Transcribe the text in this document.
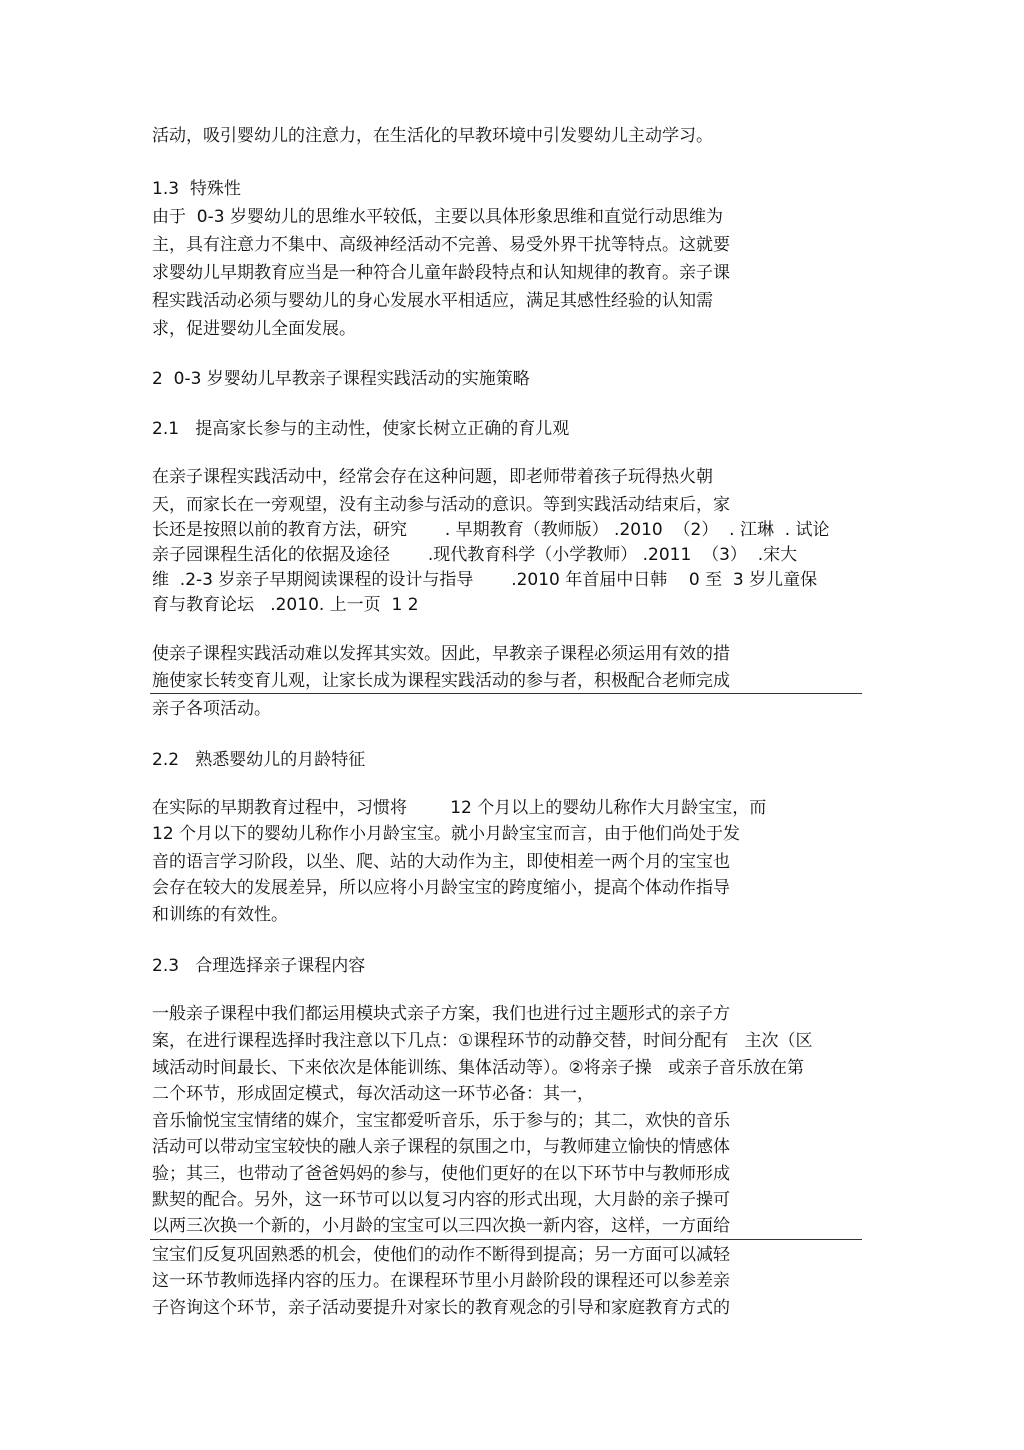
活动，吸引婴幼儿的注意力，在生活化的早教环境中引发婴幼儿主动学习。
1.3  特殊性
由于  0-3 岁婴幼儿的思维水平较低，主要以具体形象思维和直觉行动思维为
主，具有注意力不集中、高级神经活动不完善、易受外界干扰等特点。这就要
求婴幼儿早期教育应当是一种符合儿童年龄段特点和认知规律的教育。亲子课
程实践活动必须与婴幼儿的身心发展水平相适应，满足其感性经验的认知需
求，促进婴幼儿全面发展。
2  0-3 岁婴幼儿早教亲子课程实践活动的实施策略
2.1   提高家长参与的主动性，使家长树立正确的育儿观
在亲子课程实践活动中，经常会存在这种问题，即老师带着孩子玩得热火朝
天，而家长在一旁观望，没有主动参与活动的意识。等到实践活动结束后，家
长还是按照以前的教育方法，研究       . 早期教育（教师版） .2010  （2）  . 江琳  . 试论
亲子园课程生活化的依据及途径       .现代教育科学（小学教师） .2011  （3）  .宋大
维  .2-3 岁亲子早期阅读课程的设计与指导       .2010 年首届中日韩    0 至  3 岁儿童保
育与教育论坛   .2010. 上一页  1 2
使亲子课程实践活动难以发挥其实效。因此，早教亲子课程必须运用有效的措
施使家长转变育儿观，让家长成为课程实践活动的参与者，积极配合老师完成
亲子各项活动。
2.2   熟悉婴幼儿的月龄特征
在实际的早期教育过程中，习惯将        12 个月以上的婴幼儿称作大月龄宝宝，而
12 个月以下的婴幼儿称作小月龄宝宝。就小月龄宝宝而言，由于他们尚处于发
音的语言学习阶段，以坐、爬、站的大动作为主，即使相差一两个月的宝宝也
会存在较大的发展差异，所以应将小月龄宝宝的跨度缩小，提高个体动作指导
和训练的有效性。
2.3   合理选择亲子课程内容
一般亲子课程中我们都运用模块式亲子方案，我们也进行过主题形式的亲子方
案，在进行课程选择时我注意以下几点：①课程环节的动静交替，时间分配有   主次（区
域活动时间最长、下来依次是体能训练、集体活动等）。②将亲子操   或亲子音乐放在第
二个环节，形成固定模式，每次活动这一环节必备：其一，
音乐愉悦宝宝情绪的媒介，宝宝都爱听音乐，乐于参与的；其二，欢快的音乐
活动可以带动宝宝较快的融人亲子课程的氛围之巾，与教师建立愉快的情感体
验；其三，也带动了爸爸妈妈的参与，使他们更好的在以下环节中与教师形成
默契的配合。另外，这一环节可以以复习内容的形式出现，大月龄的亲子操可
以两三次换一个新的，小月龄的宝宝可以三四次换一新内容，这样，一方面给
宝宝们反复巩固熟悉的机会，使他们的动作不断得到提高；另一方面可以减轻
这一环节教师选择内容的压力。在课程环节里小月龄阶段的课程还可以参差亲
子咨询这个环节，亲子活动要提升对家长的教育观念的引导和家庭教育方式的
